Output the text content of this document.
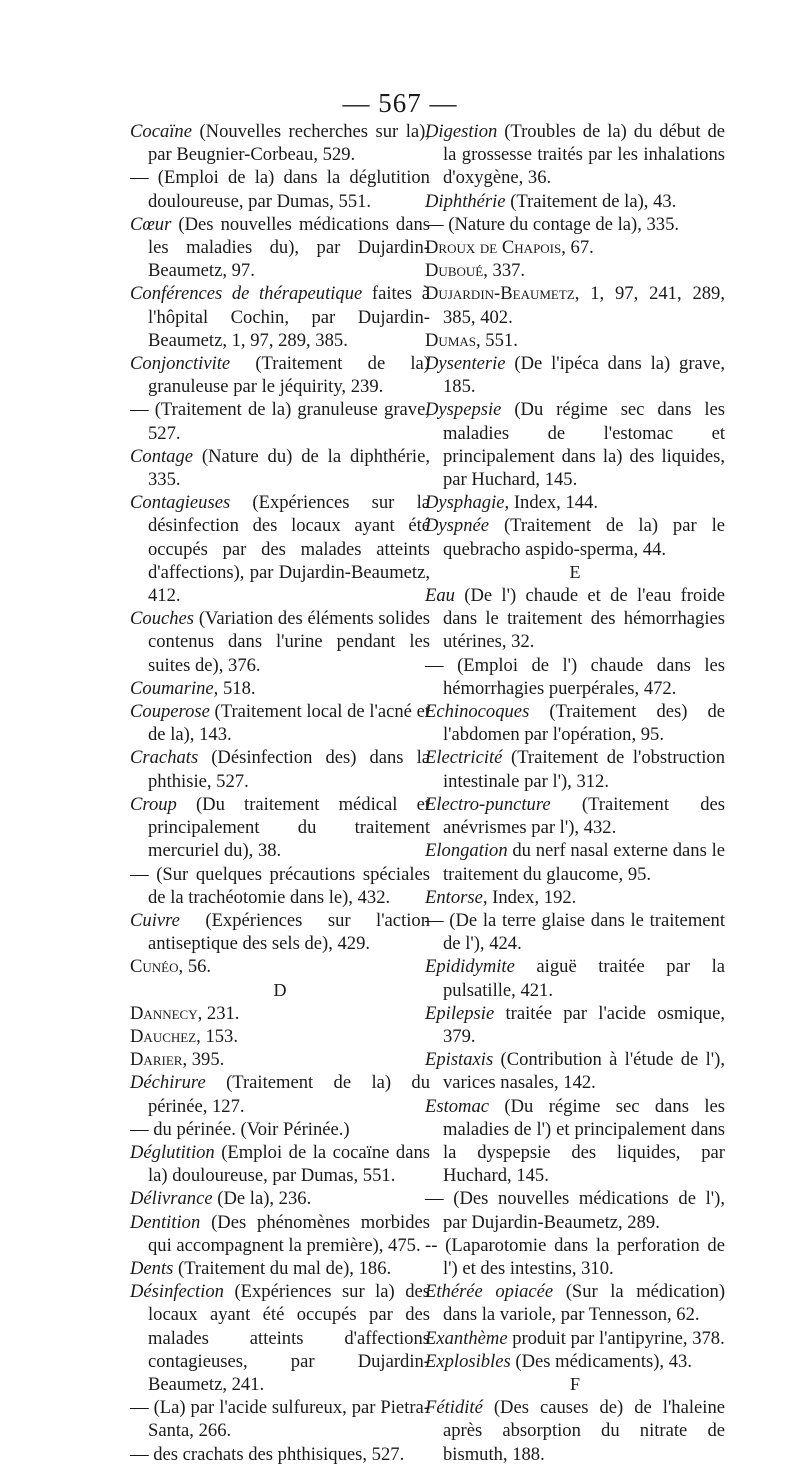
— 567 —
Cocaïne (Nouvelles recherches sur la), par Beugnier-Corbeau, 529.
— (Emploi de la) dans la déglutition douloureuse, par Dumas, 551.
Cœur (Des nouvelles médications dans les maladies du), par Dujardin-Beaumetz, 97.
Conférences de thérapeutique faites à l'hôpital Cochin, par Dujardin-Beaumetz, 1, 97, 289, 385.
Conjonctivite (Traitement de la) granuleuse par le jéquirity, 239.
— (Traitement de la) granuleuse grave, 527.
Contage (Nature du) de la diphthérie, 335.
Contagieuses (Expériences sur la désinfection des locaux ayant été occupés par des malades atteints d'affections), par Dujardin-Beaumetz, 412.
Couches (Variation des éléments solides contenus dans l'urine pendant les suites de), 376.
Coumarine, 518.
Couperose (Traitement local de l'acné et de la), 143.
Crachats (Désinfection des) dans la phthisie, 527.
Croup (Du traitement médical et principalement du traitement mercuriel du), 38.
— (Sur quelques précautions spéciales de la trachéotomie dans le), 432.
Cuivre (Expériences sur l'action antiseptique des sels de), 429.
Cunéo, 56.
D
Dannecy, 231.
Dauchez, 153.
Darier, 395.
Déchirure (Traitement de la) du périnée, 127.
— du périnée. (Voir Périnée.)
Déglutition (Emploi de la cocaïne dans la) douloureuse, par Dumas, 551.
Délivrance (De la), 236.
Dentition (Des phénomènes morbides qui accompagnent la première), 475.
Dents (Traitement du mal de), 186.
Désinfection (Expériences sur la) des locaux ayant été occupés par des malades atteints d'affections contagieuses, par Dujardin-Beaumetz, 241.
— (La) par l'acide sulfureux, par Pietra-Santa, 266.
— des crachats des phthisiques, 527.
Digestion (Troubles de la) du début de la grossesse traités par les inhalations d'oxygène, 36.
Diphthérie (Traitement de la), 43.
— (Nature du contage de la), 335.
Droux de Chapois, 67.
Duboué, 337.
Dujardin-Beaumetz, 1, 97, 241, 289, 385, 402.
Dumas, 551.
Dysenterie (De l'ipéca dans la) grave, 185.
Dyspepsie (Du régime sec dans les maladies de l'estomac et principalement dans la) des liquides, par Huchard, 145.
Dysphagie, Index, 144.
Dyspnée (Traitement de la) par le quebracho aspido-sperma, 44.
E
Eau (De l') chaude et de l'eau froide dans le traitement des hémorrhagies utérines, 32.
— (Emploi de l') chaude dans les hémorrhagies puerpérales, 472.
Echinocoques (Traitement des) de l'abdomen par l'opération, 95.
Electricité (Traitement de l'obstruction intestinale par l'), 312.
Electro-puncture (Traitement des anévrismes par l'), 432.
Elongation du nerf nasal externe dans le traitement du glaucome, 95.
Entorse, Index, 192.
— (De la terre glaise dans le traitement de l'), 424.
Epididymite aiguë traitée par la pulsatille, 421.
Epilepsie traitée par l'acide osmique, 379.
Epistaxis (Contribution à l'étude de l'), varices nasales, 142.
Estomac (Du régime sec dans les maladies de l') et principalement dans la dyspepsie des liquides, par Huchard, 145.
— (Des nouvelles médications de l'), par Dujardin-Beaumetz, 289.
-- (Laparotomie dans la perforation de l') et des intestins, 310.
Ethérée opiacée (Sur la médication) dans la variole, par Tennesson, 62.
Exanthème produit par l'antipyrine, 378.
Explosibles (Des médicaments), 43.
F
Fétidité (Des causes de) de l'haleine après absorption du nitrate de bismuth, 188.
